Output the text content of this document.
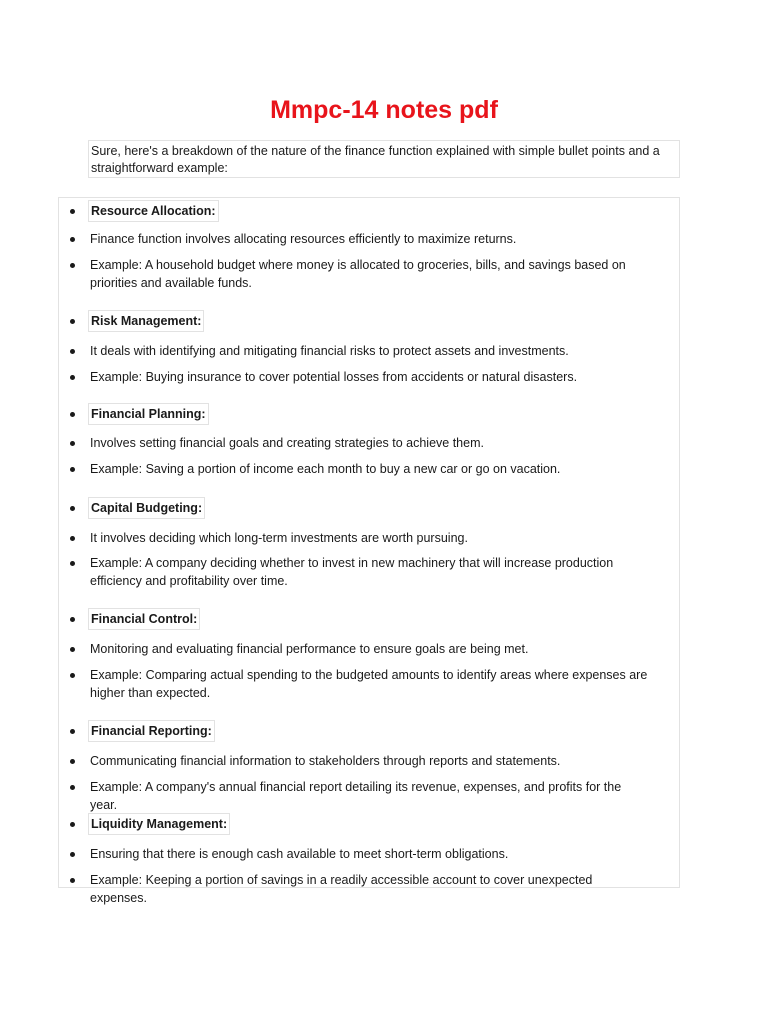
Mmpc-14 notes pdf
Sure, here's a breakdown of the nature of the finance function explained with simple bullet points and a straightforward example:
Resource Allocation:
Finance function involves allocating resources efficiently to maximize returns.
Example: A household budget where money is allocated to groceries, bills, and savings based on priorities and available funds.
Risk Management:
It deals with identifying and mitigating financial risks to protect assets and investments.
Example: Buying insurance to cover potential losses from accidents or natural disasters.
Financial Planning:
Involves setting financial goals and creating strategies to achieve them.
Example: Saving a portion of income each month to buy a new car or go on vacation.
Capital Budgeting:
It involves deciding which long-term investments are worth pursuing.
Example: A company deciding whether to invest in new machinery that will increase production efficiency and profitability over time.
Financial Control:
Monitoring and evaluating financial performance to ensure goals are being met.
Example: Comparing actual spending to the budgeted amounts to identify areas where expenses are higher than expected.
Financial Reporting:
Communicating financial information to stakeholders through reports and statements.
Example: A company's annual financial report detailing its revenue, expenses, and profits for the year.
Liquidity Management:
Ensuring that there is enough cash available to meet short-term obligations.
Example: Keeping a portion of savings in a readily accessible account to cover unexpected expenses.
